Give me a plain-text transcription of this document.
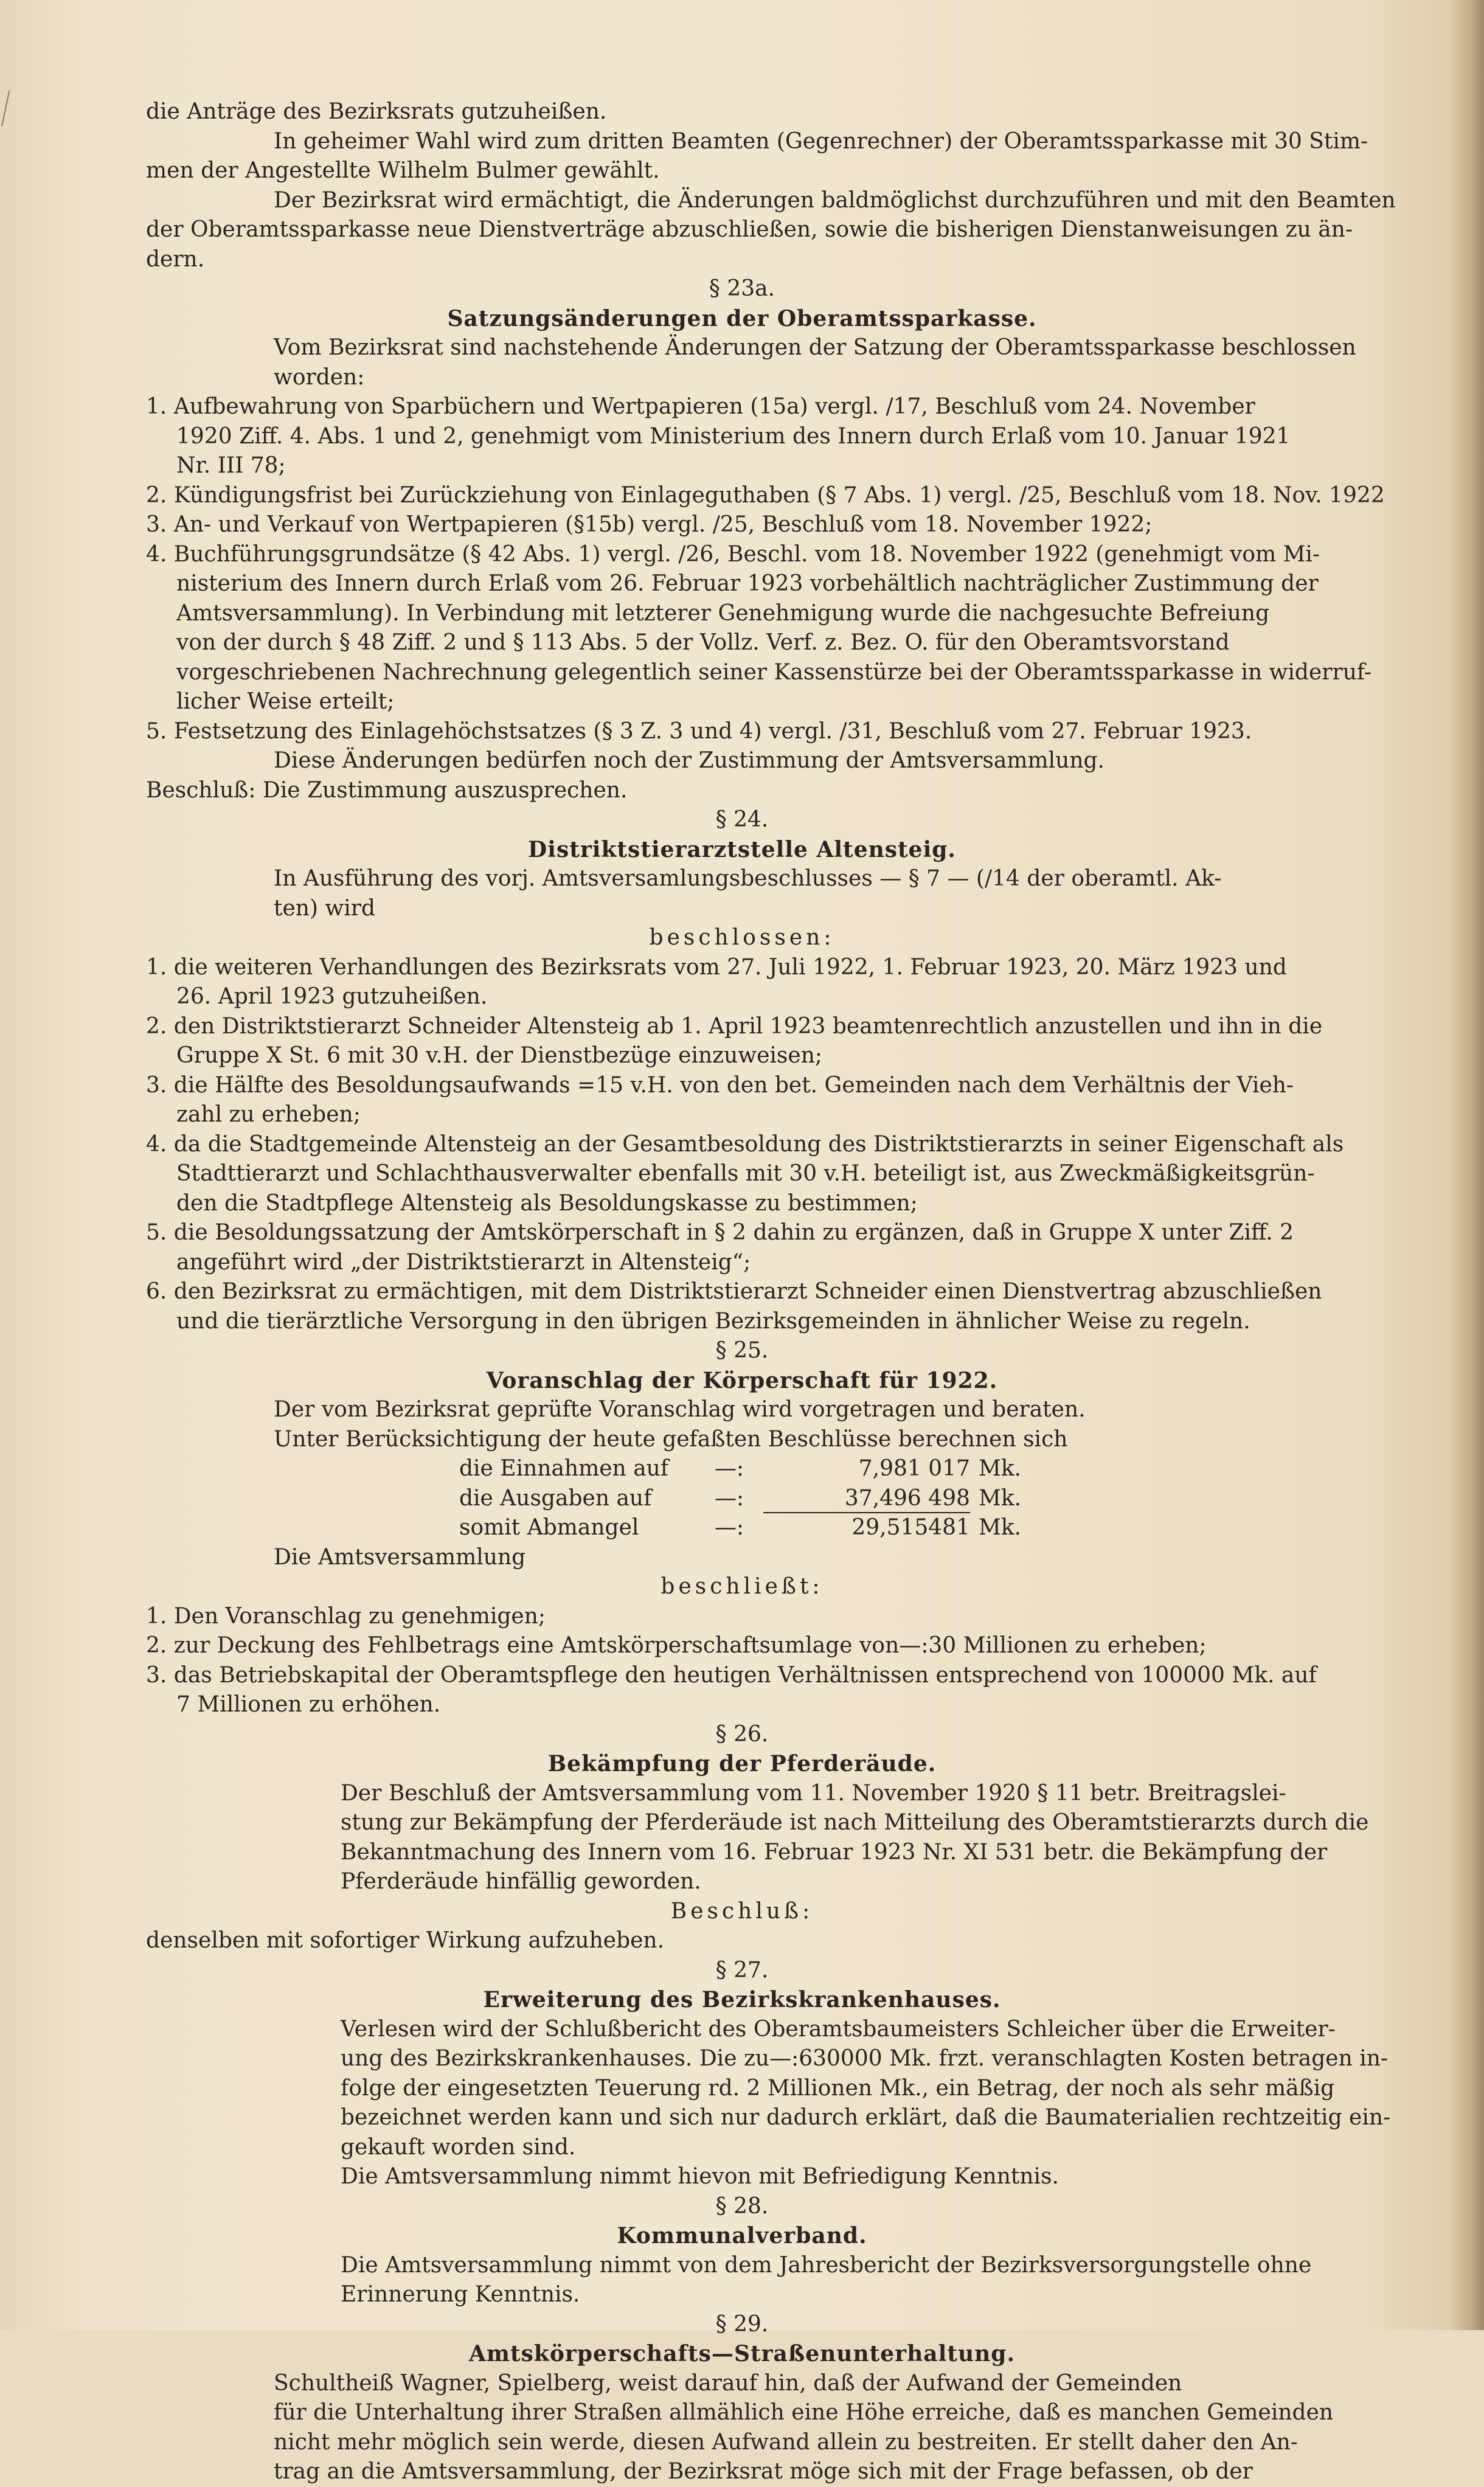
die Anträge des Bezirksrats gutzuheißen.
In geheimer Wahl wird zum dritten Beamten (Gegenrechner) der Oberamtssparkasse mit 30 Stim-
men der Angestellte Wilhelm Bulmer gewählt.
Der Bezirksrat wird ermächtigt, die Änderungen baldmöglichst durchzuführen und mit den Beamten
der Oberamtssparkasse neue Dienstverträge abzuschließen, sowie die bisherigen Dienstanweisungen zu än-
dern.
§ 23a.
Satzungsänderungen der Oberamtssparkasse.
Vom Bezirksrat sind nachstehende Änderungen der Satzung der Oberamtssparkasse beschlossen
worden:
1. Aufbewahrung von Sparbüchern und Wertpapieren (15a) vergl. /17, Beschluß vom 24. November
1920 Ziff. 4. Abs. 1 und 2, genehmigt vom Ministerium des Innern durch Erlaß vom 10. Januar 1921
Nr. III 78;
2. Kündigungsfrist bei Zurückziehung von Einlageguthaben (§ 7 Abs. 1) vergl. /25, Beschluß vom 18. Nov. 1922
3. An- und Verkauf von Wertpapieren (§15b) vergl. /25, Beschluß vom 18. November 1922;
4. Buchführungsgrundsätze (§ 42 Abs. 1) vergl. /26, Beschl. vom 18. November 1922 (genehmigt vom Mi-
nisterium des Innern durch Erlaß vom 26. Februar 1923 vorbehältlich nachträglicher Zustimmung der
Amtsversammlung). In Verbindung mit letzterer Genehmigung wurde die nachgesuchte Befreiung
von der durch § 48 Ziff. 2 und § 113 Abs. 5 der Vollz. Verf. z. Bez. O. für den Oberamtsvorstand
vorgeschriebenen Nachrechnung gelegentlich seiner Kassenstürze bei der Oberamtssparkasse in widerruf-
licher Weise erteilt;
5. Festsetzung des Einlagehöchstsatzes (§ 3 Z. 3 und 4) vergl. /31, Beschluß vom 27. Februar 1923.
Diese Änderungen bedürfen noch der Zustimmung der Amtsversammlung.
Beschluß: Die Zustimmung auszusprechen.
§ 24.
Distriktstierarztstelle Altensteig.
In Ausführung des vorj. Amtsversamlungsbeschlusses — § 7 — (/14 der oberamtl. Ak-
ten) wird
beschlossen:
1. die weiteren Verhandlungen des Bezirksrats vom 27. Juli 1922, 1. Februar 1923, 20. März 1923 und
26. April 1923 gutzuheißen.
2. den Distriktstierarzt Schneider Altensteig ab 1. April 1923 beamtenrechtlich anzustellen und ihn in die
Gruppe X St. 6 mit 30 v.H. der Dienstbezüge einzuweisen;
3. die Hälfte des Besoldungsaufwands =15 v.H. von den bet. Gemeinden nach dem Verhältnis der Vieh-
zahl zu erheben;
4. da die Stadtgemeinde Altensteig an der Gesamtbesoldung des Distriktstierarzts in seiner Eigenschaft als
Stadttierarzt und Schlachthausverwalter ebenfalls mit 30 v.H. beteiligt ist, aus Zweckmäßigkeitsgrün-
den die Stadtpflege Altensteig als Besoldungskasse zu bestimmen;
5. die Besoldungssatzung der Amtskörperschaft in § 2 dahin zu ergänzen, daß in Gruppe X unter Ziff. 2
angeführt wird „der Distriktstierarzt in Altensteig“;
6. den Bezirksrat zu ermächtigen, mit dem Distriktstierarzt Schneider einen Dienstvertrag abzuschließen
und die tierärztliche Versorgung in den übrigen Bezirksgemeinden in ähnlicher Weise zu regeln.
§ 25.
Voranschlag der Körperschaft für 1922.
Der vom Bezirksrat geprüfte Voranschlag wird vorgetragen und beraten.
Unter Berücksichtigung der heute gefaßten Beschlüsse berechnen sich
die Einnahmen auf	—:	7,981 017 Mk.
die Ausgaben auf	—:	37,496 498 Mk.
somit Abmangel	—:	29,515481 Mk.
Die Amtsversammlung
beschließt:
1. Den Voranschlag zu genehmigen;
2. zur Deckung des Fehlbetrags eine Amtskörperschaftsumlage von—:30 Millionen zu erheben;
3. das Betriebskapital der Oberamtspflege den heutigen Verhältnissen entsprechend von 100000 Mk. auf
7 Millionen zu erhöhen.
§ 26.
Bekämpfung der Pferderäude.
Der Beschluß der Amtsversammlung vom 11. November 1920 § 11 betr. Breitragslei-
stung zur Bekämpfung der Pferderäude ist nach Mitteilung des Oberamtstierarzts durch die
Bekanntmachung des Innern vom 16. Februar 1923 Nr. XI 531 betr. die Bekämpfung der
Pferderäude hinfällig geworden.
Beschluß:
denselben mit sofortiger Wirkung aufzuheben.
§ 27.
Erweiterung des Bezirkskrankenhauses.
Verlesen wird der Schlußbericht des Oberamtsbaumeisters Schleicher über die Erweiter-
ung des Bezirkskrankenhauses. Die zu—:630000 Mk. frzt. veranschlagten Kosten betragen in-
folge der eingesetzten Teuerung rd. 2 Millionen Mk., ein Betrag, der noch als sehr mäßig
bezeichnet werden kann und sich nur dadurch erklärt, daß die Baumaterialien rechtzeitig ein-
gekauft worden sind.
Die Amtsversammlung nimmt hievon mit Befriedigung Kenntnis.
§ 28.
Kommunalverband.
Die Amtsversammlung nimmt von dem Jahresbericht der Bezirksversorgungstelle ohne
Erinnerung Kenntnis.
§ 29.
Amtskörperschafts—Straßenunterhaltung.
Schultheiß Wagner, Spielberg, weist darauf hin, daß der Aufwand der Gemeinden
für die Unterhaltung ihrer Straßen allmählich eine Höhe erreiche, daß es manchen Gemeinden
nicht mehr möglich sein werde, diesen Aufwand allein zu bestreiten. Er stellt daher den An-
trag an die Amtsversammlung, der Bezirksrat möge sich mit der Frage befassen, ob der
